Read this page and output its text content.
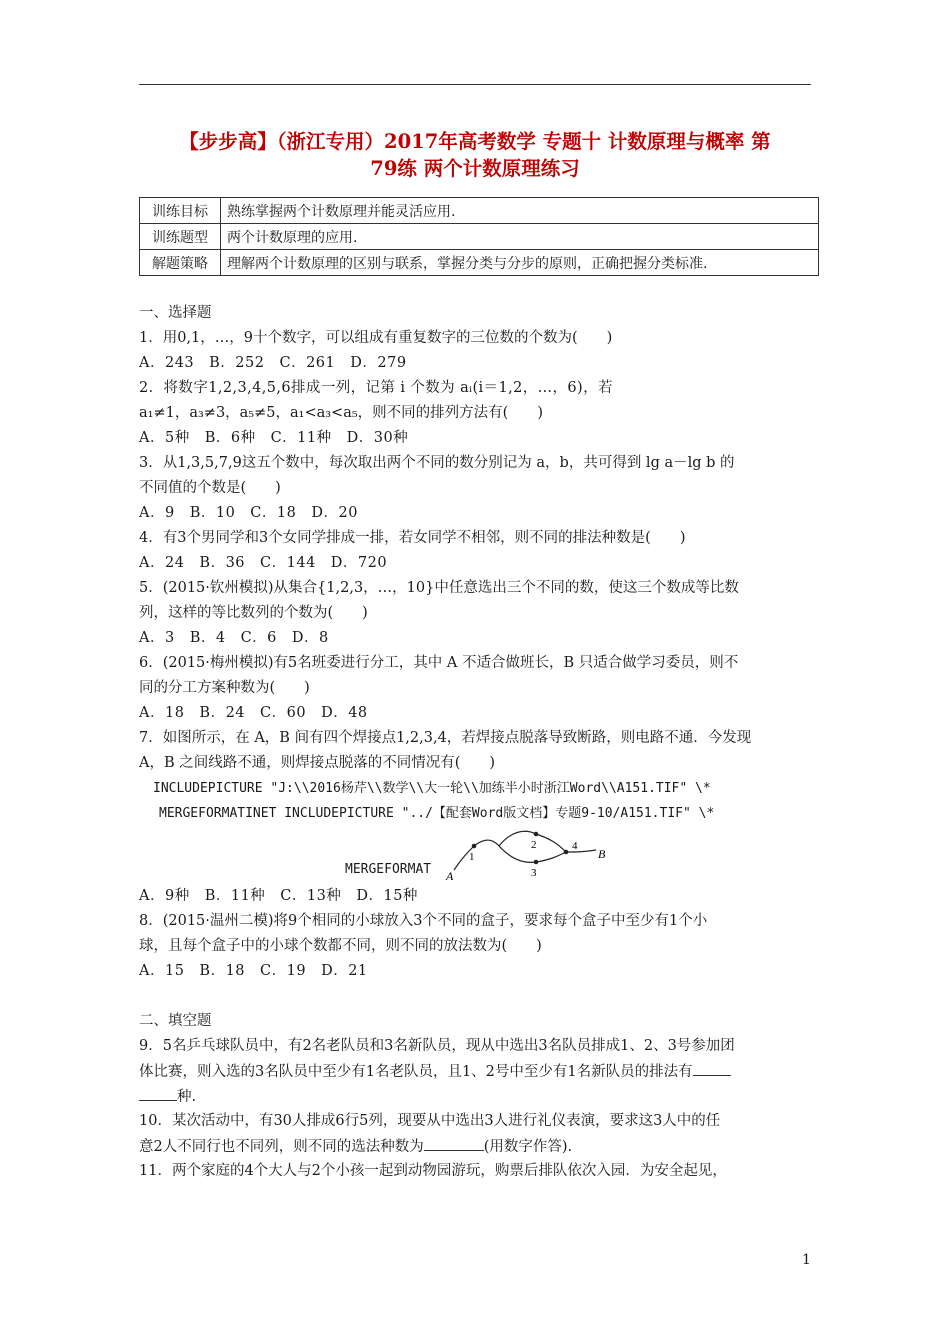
【步步高】（浙江专用）2017年高考数学 专题十 计数原理与概率 第
79练 两个计数原理练习
训练目标	熟练掌握两个计数原理并能灵活应用.
训练题型	两个计数原理的应用.
解题策略	理解两个计数原理的区别与联系，掌握分类与分步的原则，正确把握分类标准.
一、选择题
1．用0,1，…，9十个数字，可以组成有重复数字的三位数的个数为(　　)
A．243　B．252　C．261　D．279
2．将数字1,2,3,4,5,6排成一列，记第 i 个数为 aᵢ(i＝1,2，…，6)，若
a₁≠1，a₃≠3，a₅≠5，a₁<a₃<a₅，则不同的排列方法有(　　)
A．5种　B．6种　C．11种　D．30种
3．从1,3,5,7,9这五个数中，每次取出两个不同的数分别记为 a，b，共可得到 lg a－lg b 的
不同值的个数是(　　)
A．9　B．10　C．18　D．20
4．有3个男同学和3个女同学排成一排，若女同学不相邻，则不同的排法种数是(　　)
A．24　B．36　C．144　D．720
5．(2015·钦州模拟)从集合{1,2,3，…，10}中任意选出三个不同的数，使这三个数成等比数
列，这样的等比数列的个数为(　　)
A．3　B．4　C．6　D．8
6．(2015·梅州模拟)有5名班委进行分工，其中 A 不适合做班长，B 只适合做学习委员，则不
同的分工方案种数为(　　)
A．18　B．24　C．60　D．48
7．如图所示，在 A，B 间有四个焊接点1,2,3,4，若焊接点脱落导致断路，则电路不通．今发现
A，B 之间线路不通，则焊接点脱落的不同情况有(　　)
INCLUDEPICTURE "J:\\2016杨芹\\数学\\大一轮\\加练半小时浙江Word\\A151.TIF" \*
MERGEFORMATINET INCLUDEPICTURE "../【配套Word版文档】专题9-10/A151.TIF" \*
MERGEFORMAT A
1
2
3
4
B
A．9种　B．11种　C．13种　D．15种
8．(2015·温州二模)将9个相同的小球放入3个不同的盒子，要求每个盒子中至少有1个小
球，且每个盒子中的小球个数都不同，则不同的放法数为(　　)
A．15　B．18　C．19　D．21
二、填空题
9．5名乒乓球队员中，有2名老队员和3名新队员，现从中选出3名队员排成1、2、3号参加团
体比赛，则入选的3名队员中至少有1名老队员，且1、2号中至少有1名新队员的排法有
种.
10．某次活动中，有30人排成6行5列，现要从中选出3人进行礼仪表演，要求这3人中的任
意2人不同行也不同列，则不同的选法种数为	(用数字作答).
11．两个家庭的4个大人与2个小孩一起到动物园游玩，购票后排队依次入园．为安全起见，
1
